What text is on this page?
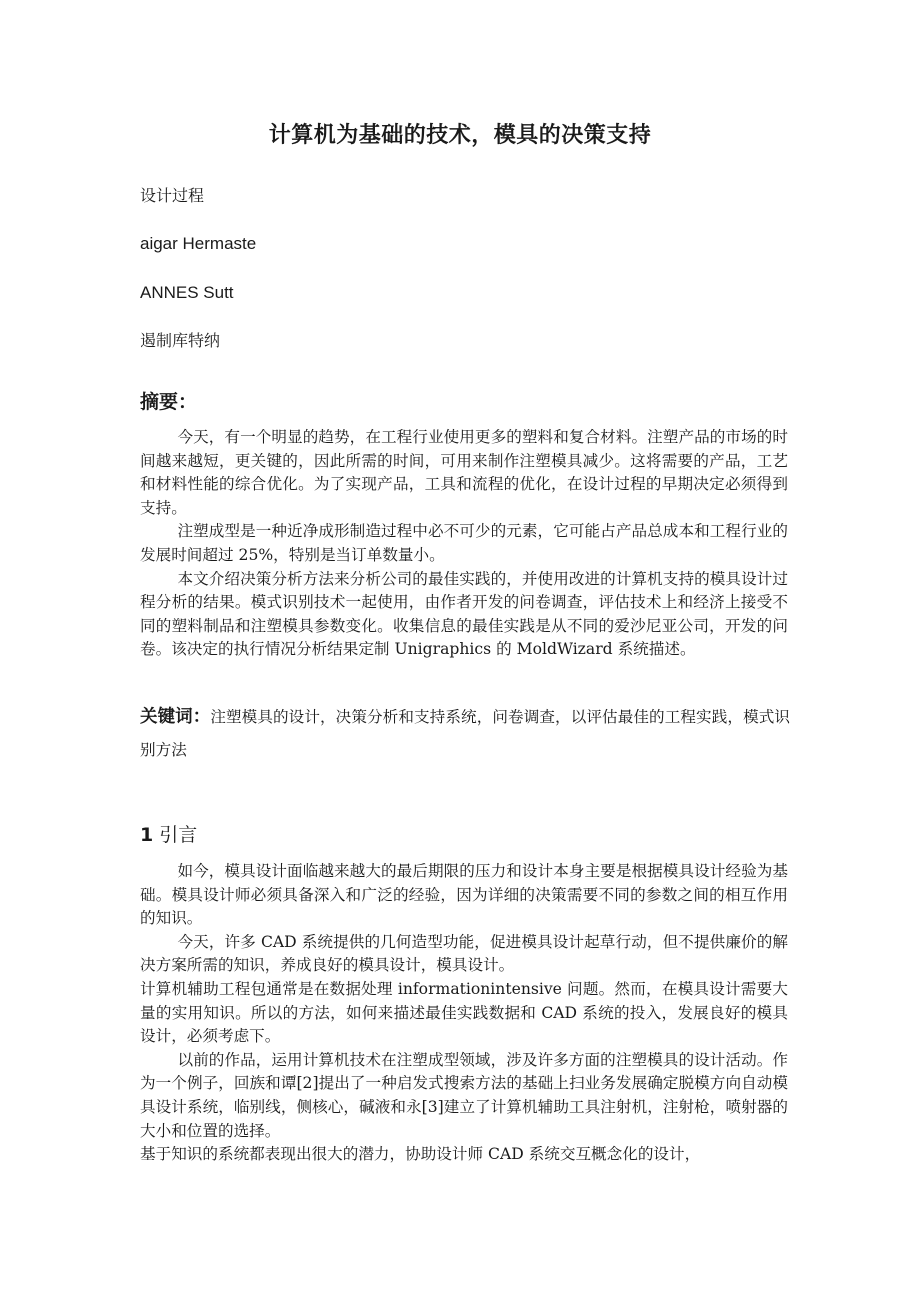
计算机为基础的技术，模具的决策支持
设计过程
aigar Hermaste
ANNES Sutt
遏制库特纳
摘要：

今天，有一个明显的趋势，在工程行业使用更多的塑料和复合材料。注塑产品的市场的时间越来越短，更关键的，因此所需的时间，可用来制作注塑模具减少。这将需要的产品，工艺和材料性能的综合优化。为了实现产品，工具和流程的优化，在设计过程的早期决定必须得到支持。

注塑成型是一种近净成形制造过程中必不可少的元素，它可能占产品总成本和工程行业的发展时间超过 25%，特别是当订单数量小。

本文介绍决策分析方法来分析公司的最佳实践的，并使用改进的计算机支持的模具设计过程分析的结果。模式识别技术一起使用，由作者开发的问卷调查，评估技术上和经济上接受不同的塑料制品和注塑模具参数变化。收集信息的最佳实践是从不同的爱沙尼亚公司，开发的问卷。该决定的执行情况分析结果定制 Unigraphics 的 MoldWizard 系统描述。

关键词：注塑模具的设计，决策分析和支持系统，问卷调查，以评估最佳的工程实践，模式识别方法
1 引言

如今，模具设计面临越来越大的最后期限的压力和设计本身主要是根据模具设计经验为基础。模具设计师必须具备深入和广泛的经验，因为详细的决策需要不同的参数之间的相互作用的知识。

今天，许多 CAD 系统提供的几何造型功能，促进模具设计起草行动，但不提供廉价的解决方案所需的知识，养成良好的模具设计，模具设计。

计算机辅助工程包通常是在数据处理 informationintensive 问题。然而，在模具设计需要大量的实用知识。所以的方法，如何来描述最佳实践数据和 CAD 系统的投入，发展良好的模具设计，必须考虑下。

以前的作品，运用计算机技术在注塑成型领域，涉及许多方面的注塑模具的设计活动。作为一个例子，回族和谭[2]提出了一种启发式搜索方法的基础上扫业务发展确定脱模方向自动模具设计系统，临别线，侧核心，碱液和永[3]建立了计算机辅助工具注射机，注射枪，喷射器的大小和位置的选择。

基于知识的系统都表现出很大的潜力，协助设计师 CAD 系统交互概念化的设计，
